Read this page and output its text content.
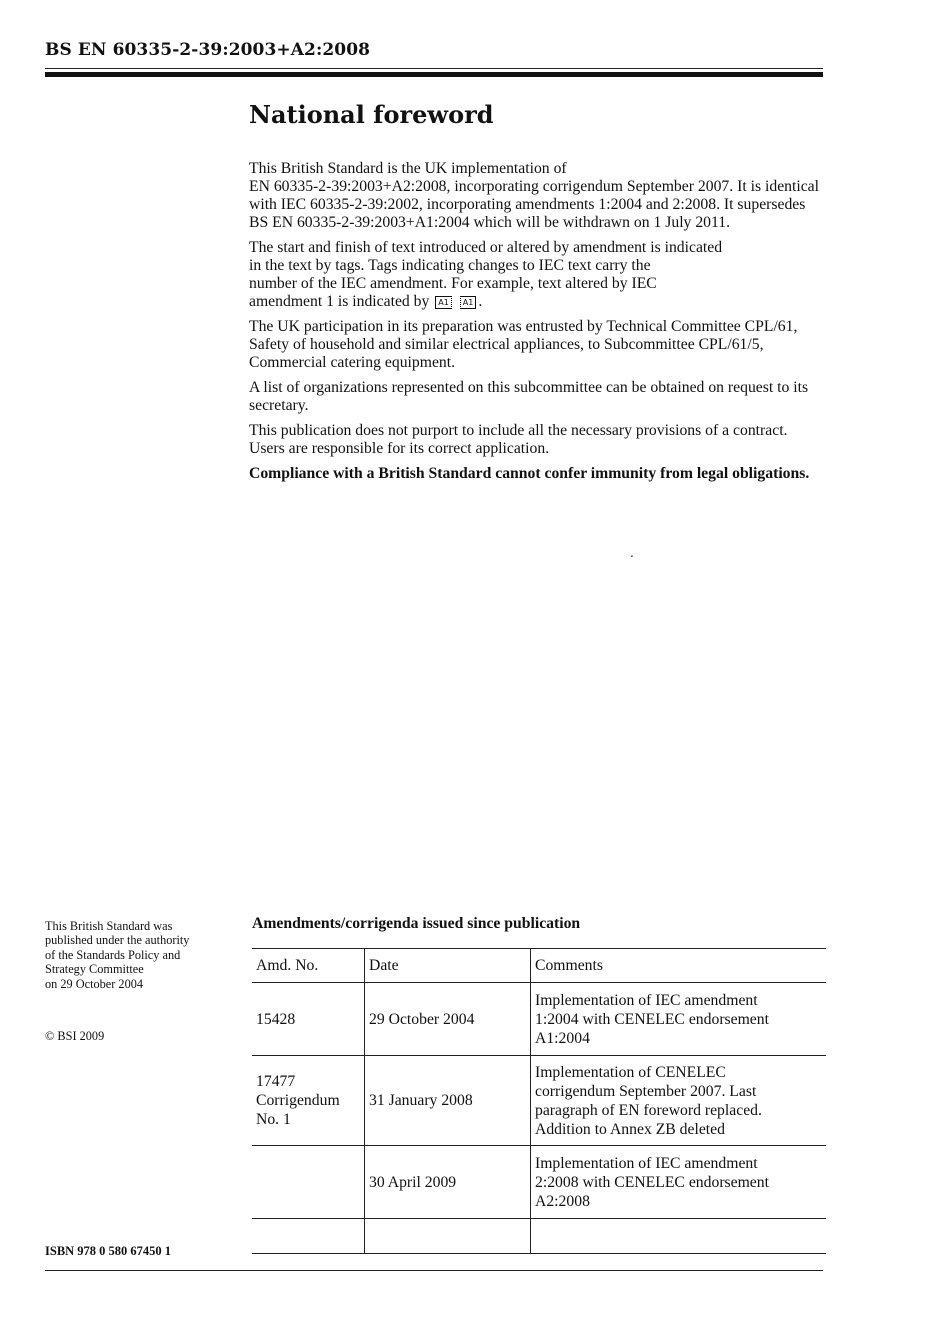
BS EN 60335-2-39:2003+A2:2008
National foreword

This British Standard is the UK implementation of
EN 60335-2-39:2003+A2:2008, incorporating corrigendum September 2007. It is identical with IEC 60335-2-39:2002, incorporating amendments 1:2004 and 2:2008. It supersedes BS EN 60335-2-39:2003+A1:2004 which will be withdrawn on 1 July 2011.

The start and finish of text introduced or altered by amendment is indicated
in the text by tags. Tags indicating changes to IEC text carry the
number of the IEC amendment. For example, text altered by IEC
amendment 1 is indicated by A1 A1 .

The UK participation in its preparation was entrusted by Technical Committee CPL/61, Safety of household and similar electrical appliances, to Subcommittee CPL/61/5, Commercial catering equipment.

A list of organizations represented on this subcommittee can be obtained on request to its secretary.

This publication does not purport to include all the necessary provisions of a contract. Users are responsible for its correct application.

Compliance with a British Standard cannot confer immunity from legal obligations.

.
This British Standard was
published under the authority
of the Standards Policy and
Strategy Committee
on 29 October 2004
© BSI 2009
ISBN 978 0 580 67450 1
Amendments/corrigenda issued since publication
Amd. No.	Date	Comments

15428	29 October 2004	Implementation of IEC amendment
1:2004 with CENELEC endorsement
A1:2004

17477
Corrigendum
No. 1	31 January 2008	Implementation of CENELEC
corrigendum September 2007. Last
paragraph of EN foreword replaced.
Addition to Annex ZB deleted

	30 April 2009	Implementation of IEC amendment
2:2008 with CENELEC endorsement
A2:2008
